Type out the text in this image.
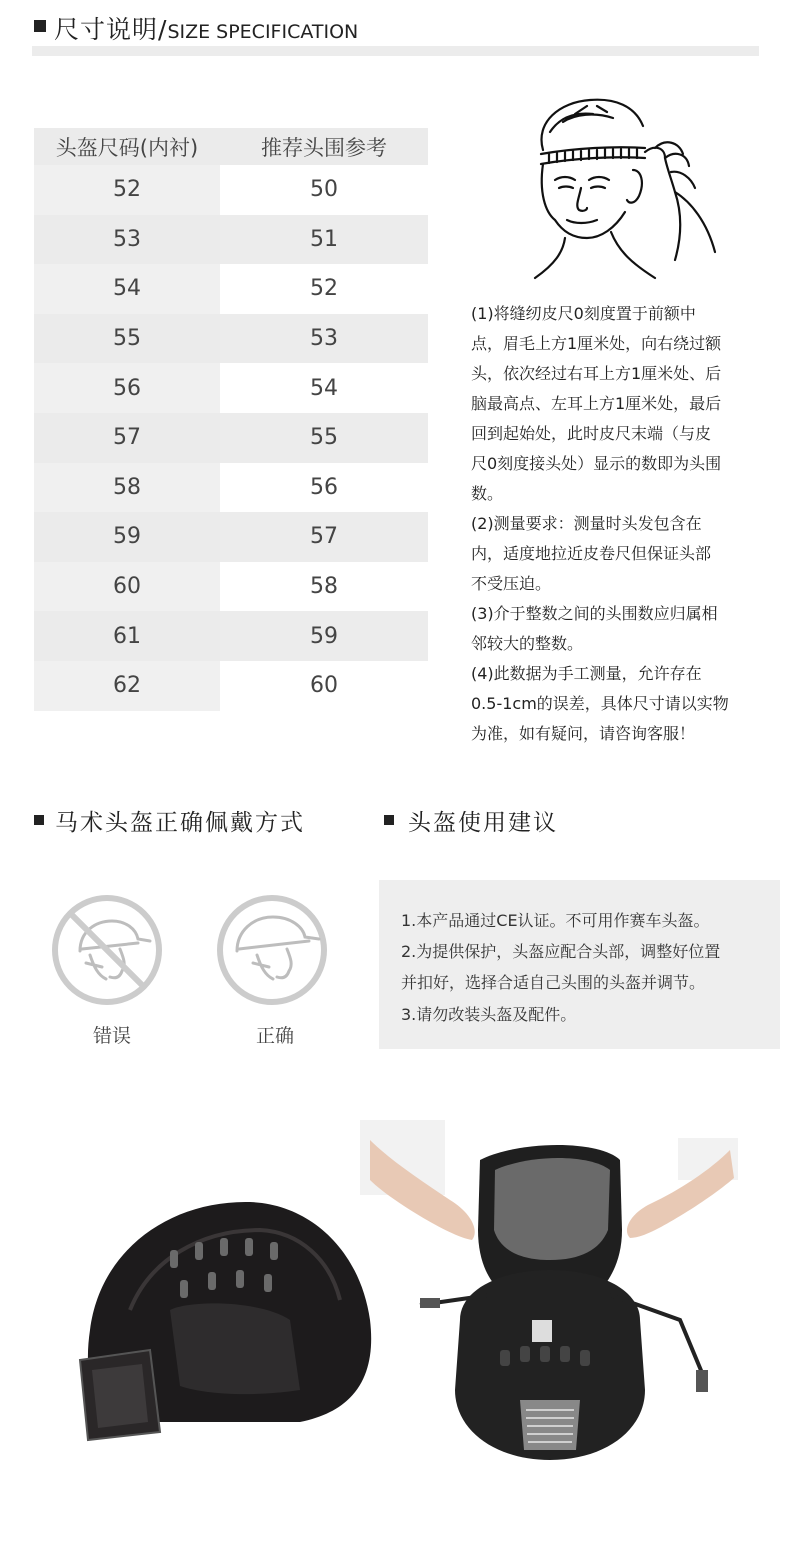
尺寸说明/SIZE SPECIFICATION
头盔尺码(内衬)	推荐头围参考
52	50
53	51
54	52
55	53
56	54
57	55
58	56
59	57
60	58
61	59
62	60

(1)将缝纫皮尺0刻度置于前额中

点，眉毛上方1厘米处，向右绕过额

头，依次经过右耳上方1厘米处、后

脑最高点、左耳上方1厘米处，最后

回到起始处，此时皮尺末端（与皮

尺0刻度接头处）显示的数即为头围

数。

(2)测量要求：测量时头发包含在

内，适度地拉近皮卷尺但保证头部

不受压迫。

(3)介于整数之间的头围数应归属相

邻较大的整数。

(4)此数据为手工测量，允许存在

0.5-1cm的误差，具体尺寸请以实物

为准，如有疑问，请咨询客服！

马术头盔正确佩戴方式	头盔使用建议
错误	正确

1.本产品通过CE认证。不可用作赛车头盔。

2.为提供保护，头盔应配合头部，调整好位置

并扣好，选择合适自己头围的头盔并调节。

3.请勿改装头盔及配件。
